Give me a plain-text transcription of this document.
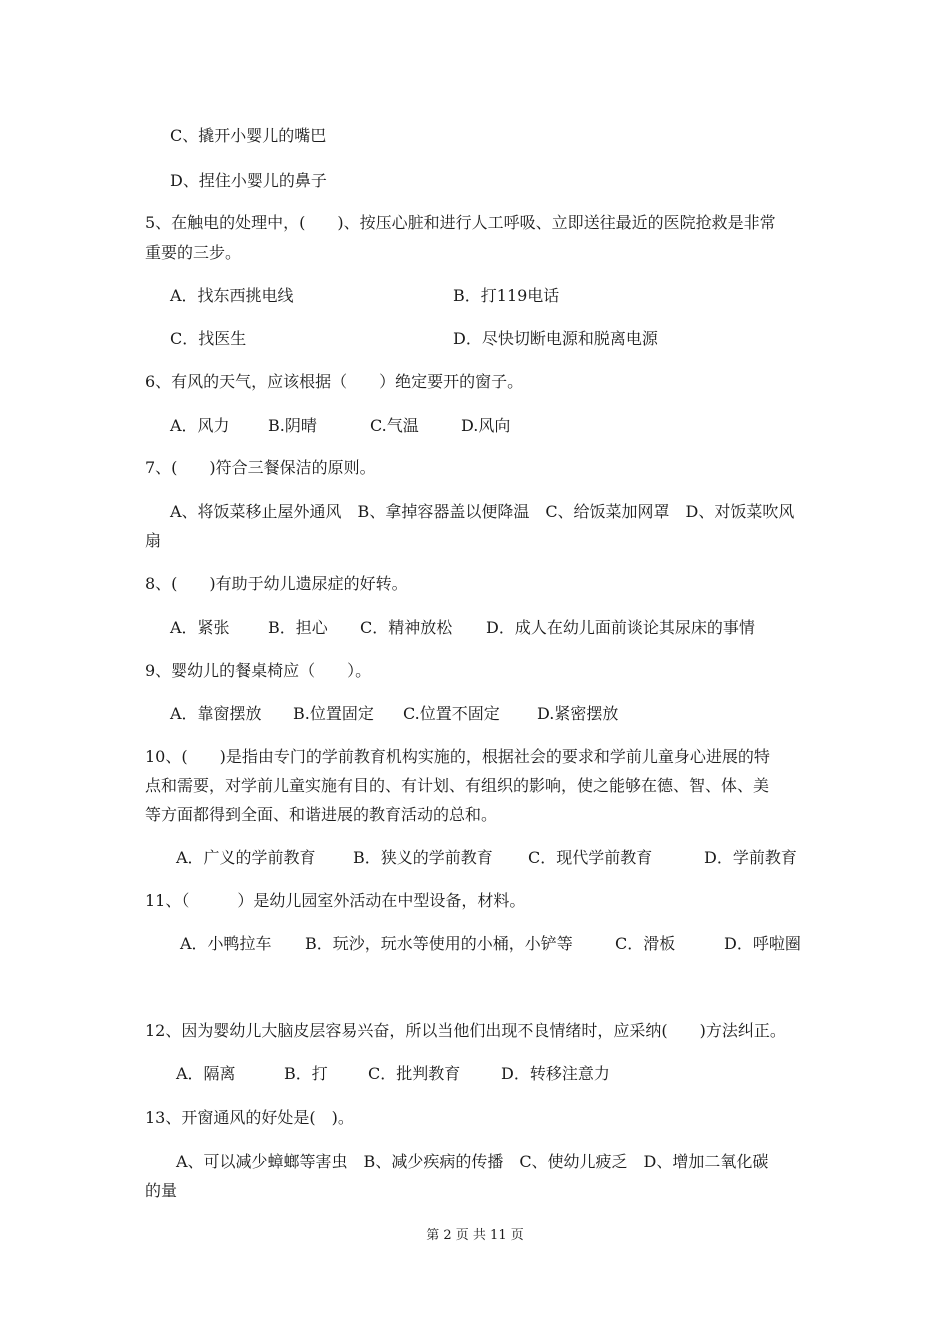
C、撬开小婴儿的嘴巴
D、捏住小婴儿的鼻子
5、在触电的处理中，(　　)、按压心脏和进行人工呼吸、立即送往最近的医院抢救是非常
重要的三步。
A．找东西挑电线	B．打119电话
C．找医生	D．尽快切断电源和脱离电源
6、有风的天气，应该根据（　　）绝定要开的窗子。
A．风力 B.阴晴	C.气温	D.风向
7、(　　)符合三餐保洁的原则。
A、将饭菜移止屋外通风　B、拿掉容器盖以便降温　C、给饭菜加网罩　D、对饭菜吹风
扇
8、(　　)有助于幼儿遗尿症的好转。
A．紧张 B．担心 C．精神放松 D．成人在幼儿面前谈论其尿床的事情
9、婴幼儿的餐桌椅应（　　）。
A．靠窗摆放 B.位置固定 C.位置不固定 D.紧密摆放
10、(　　)是指由专门的学前教育机构实施的，根据社会的要求和学前儿童身心进展的特
点和需要，对学前儿童实施有目的、有计划、有组织的影响，使之能够在德、智、体、美
等方面都得到全面、和谐进展的教育活动的总和。
A．广义的学前教育 B．狭义的学前教育 C．现代学前教育	D．学前教育
11、（　　　）是幼儿园室外活动在中型设备，材料。
A．小鸭拉车 B．玩沙，玩水等使用的小桶，小铲等	C．滑板	D．呼啦圈
12、因为婴幼儿大脑皮层容易兴奋，所以当他们出现不良情绪时，应采纳(　　)方法纠正。
A．隔离	B．打	C．批判教育	D．转移注意力
13、开窗通风的好处是(　)。
A、可以减少蟑螂等害虫　B、减少疾病的传播　C、使幼儿疲乏　D、增加二氧化碳
的量
第 2 页 共 11 页
